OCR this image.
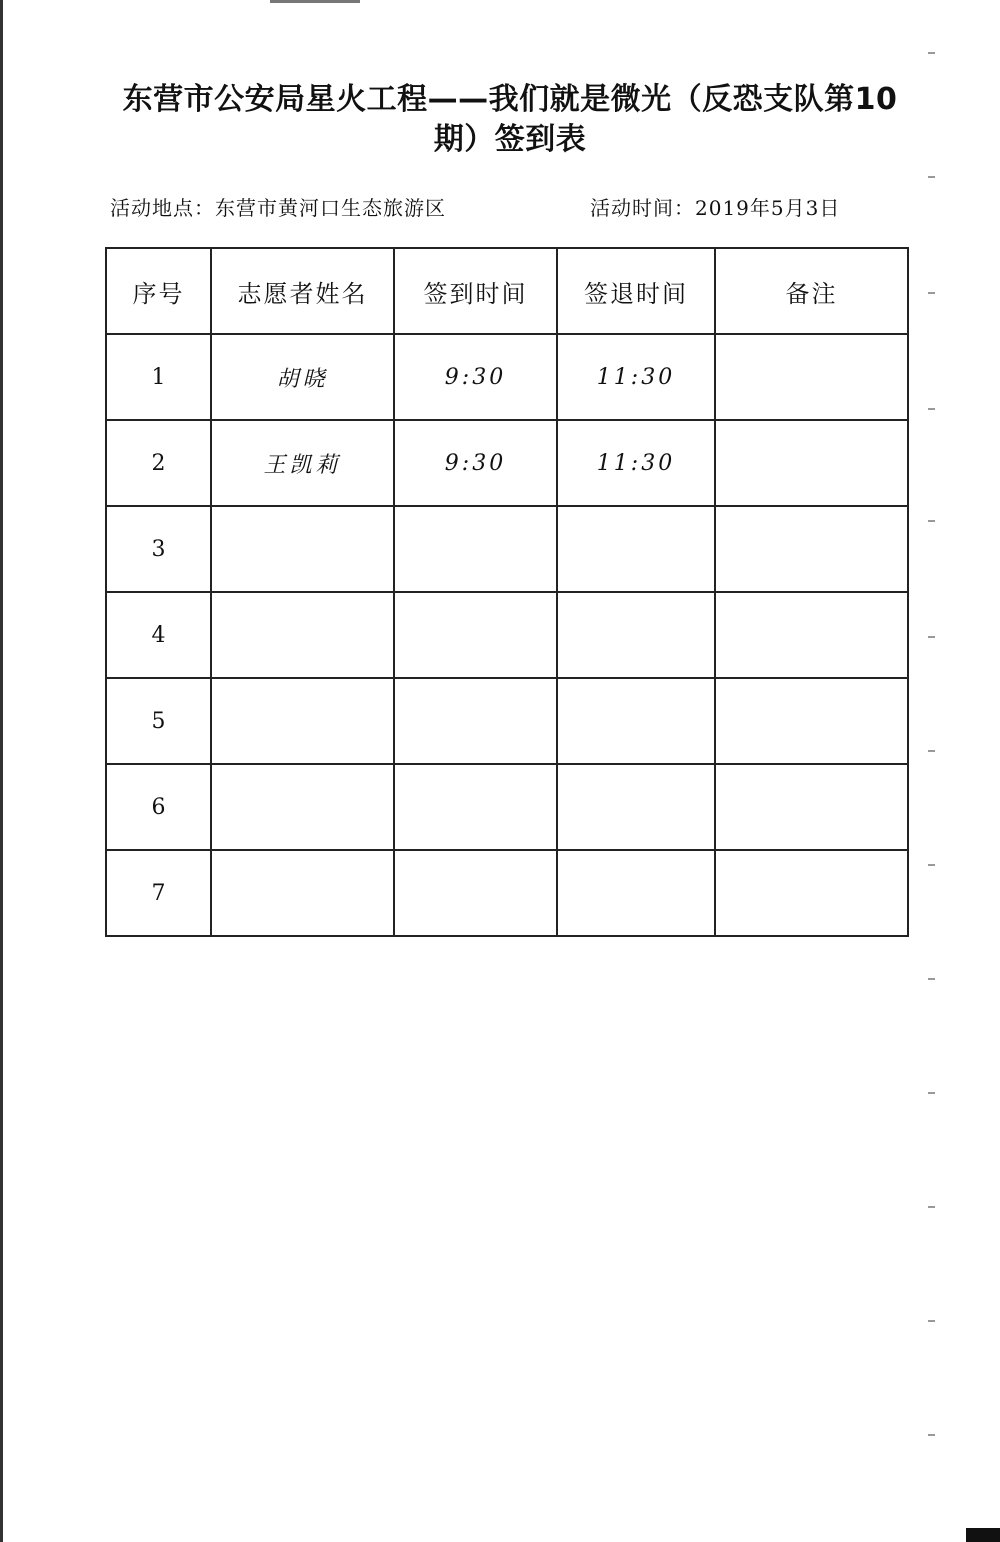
东营市公安局星火工程——我们就是微光（反恐支队第10期）签到表
活动地点：东营市黄河口生态旅游区	活动时间：2019年5月3日
序号	志愿者姓名	签到时间	签退时间	备注
1	胡晓	9:30	11:30	
2	王凯莉	9:30	11:30	
3				
4				
5				
6				
7				
